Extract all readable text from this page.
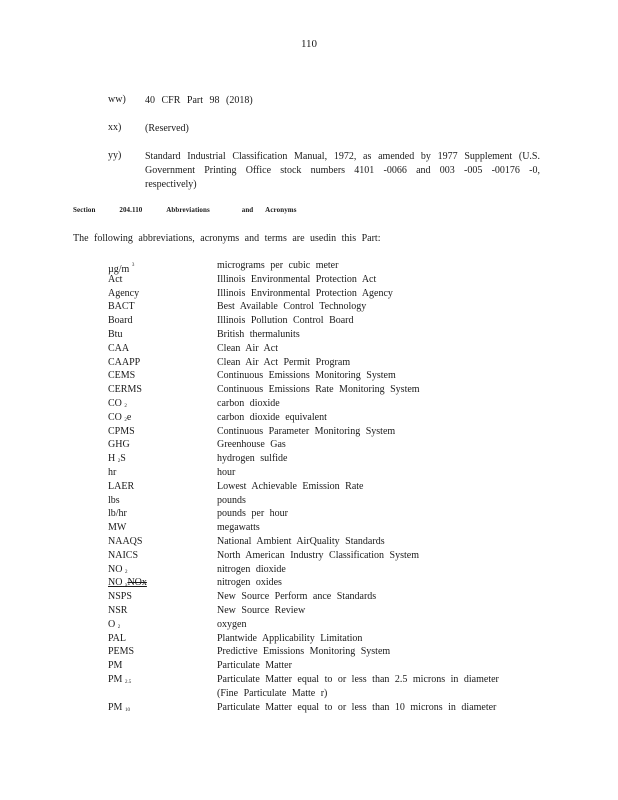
110
ww)	40 CFR Part 98 (2018)
xx)	(Reserved)
yy)	Standard Industrial Classification Manual, 1972, as amended by 1977 Supplement (U.S. Government Printing Office stock numbers 4101 -0066 and 003 -005 -00176 -0, respectively)
Section	204.110	Abbreviations	and Acronyms
The following abbreviations, acronyms and terms are usedin this Part:
µg/m $^3$	micrograms per cubic meter
Act	Illinois Environmental Protection Act
Agency	Illinois Environmental Protection Agency
BACT	Best Available Control Technology
Board	Illinois Pollution Control Board
Btu	British thermalunits
CAA	Clean Air Act
CAAPP	Clean Air Act Permit Program
CEMS	Continuous Emissions Monitoring System
CERMS	Continuous Emissions Rate Monitoring System
CO $_2$	carbon dioxide
CO $_2$e	carbon dioxide equivalent
CPMS	Continuous Parameter Monitoring System
GHG	Greenhouse Gas
H $_2$S	hydrogen sulfide
hr	hour
LAER	Lowest Achievable Emission Rate
lbs	pounds
lb/hr	pounds per hour
MW	megawatts
NAAQS	National Ambient AirQuality Standards
NAICS	North American Industry Classification System
NO $_2$	nitrogen dioxide
NO $_x$NOx	nitrogen oxides
NSPS	New Source Perform ance Standards
NSR	New Source Review
O $_2$	oxygen
PAL	Plantwide Applicability Limitation
PEMS	Predictive Emissions Monitoring System
PM	Particulate Matter
PM $_{2.5}$	Particulate Matter equal to or less than 2.5 microns in diameter
(Fine Particulate Matte r)
PM $_{10}$	Particulate Matter equal to or less than 10 microns in diameter
